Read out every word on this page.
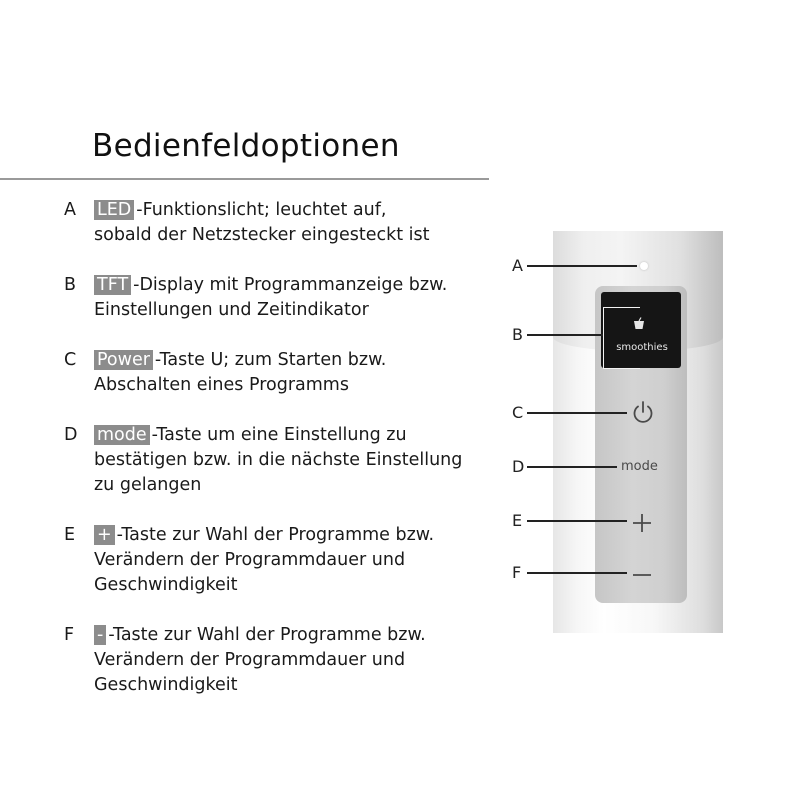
Bedienfeldoptionen
A LED -Funktionslicht; leuchtet auf,
sobald der Netzstecker eingesteckt ist
B TFT -Display mit Programmanzeige bzw.
Einstellungen und Zeitindikator
C Power -Taste U; zum Starten bzw.
Abschalten eines Programms
D mode -Taste um eine Einstellung zu
bestätigen bzw. in die nächste Einstellung
zu gelangen
E + -Taste zur Wahl der Programme bzw.
Verändern der Programmdauer und
Geschwindigkeit
F - -Taste zur Wahl der Programme bzw.
Verändern der Programmdauer und
Geschwindigkeit
smoothies
mode
A
B
C
D
E
F
